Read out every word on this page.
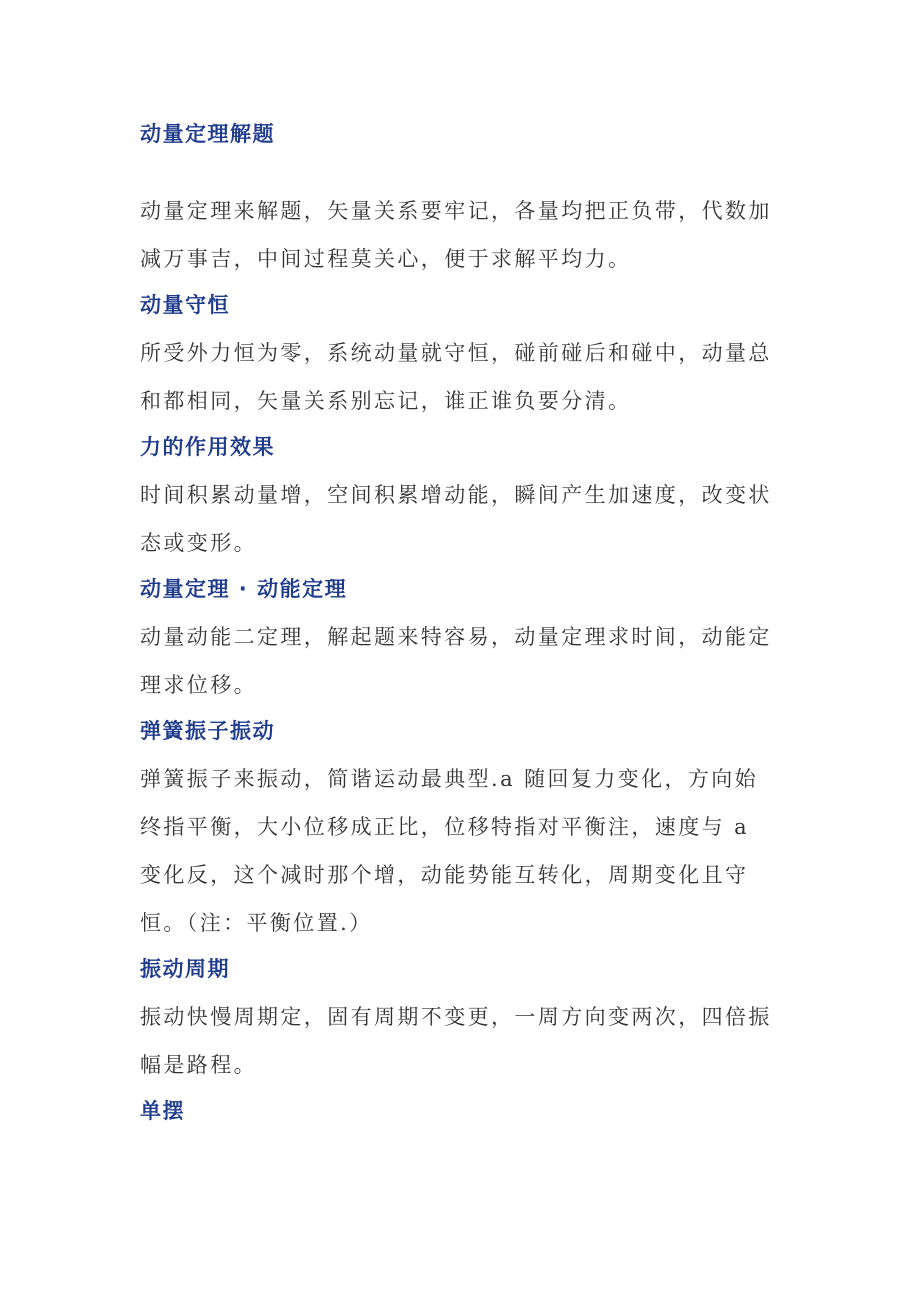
动量定理解题

动量定理来解题，矢量关系要牢记，各量均把正负带，代数加减万事吉，中间过程莫关心，便于求解平均力。

动量守恒

所受外力恒为零，系统动量就守恒，碰前碰后和碰中，动量总和都相同，矢量关系别忘记，谁正谁负要分清。

力的作用效果

时间积累动量增，空间积累增动能，瞬间产生加速度，改变状态或变形。

动量定理 · 动能定理

动量动能二定理，解起题来特容易，动量定理求时间，动能定理求位移。

弹簧振子振动

弹簧振子来振动，简谐运动最典型.a 随回复力变化，方向始终指平衡，大小位移成正比，位移特指对平衡注，速度与 a 变化反，这个减时那个增，动能势能互转化，周期变化且守恒。（注：平衡位置.）

振动周期

振动快慢周期定，固有周期不变更，一周方向变两次，四倍振幅是路程。

单摆
